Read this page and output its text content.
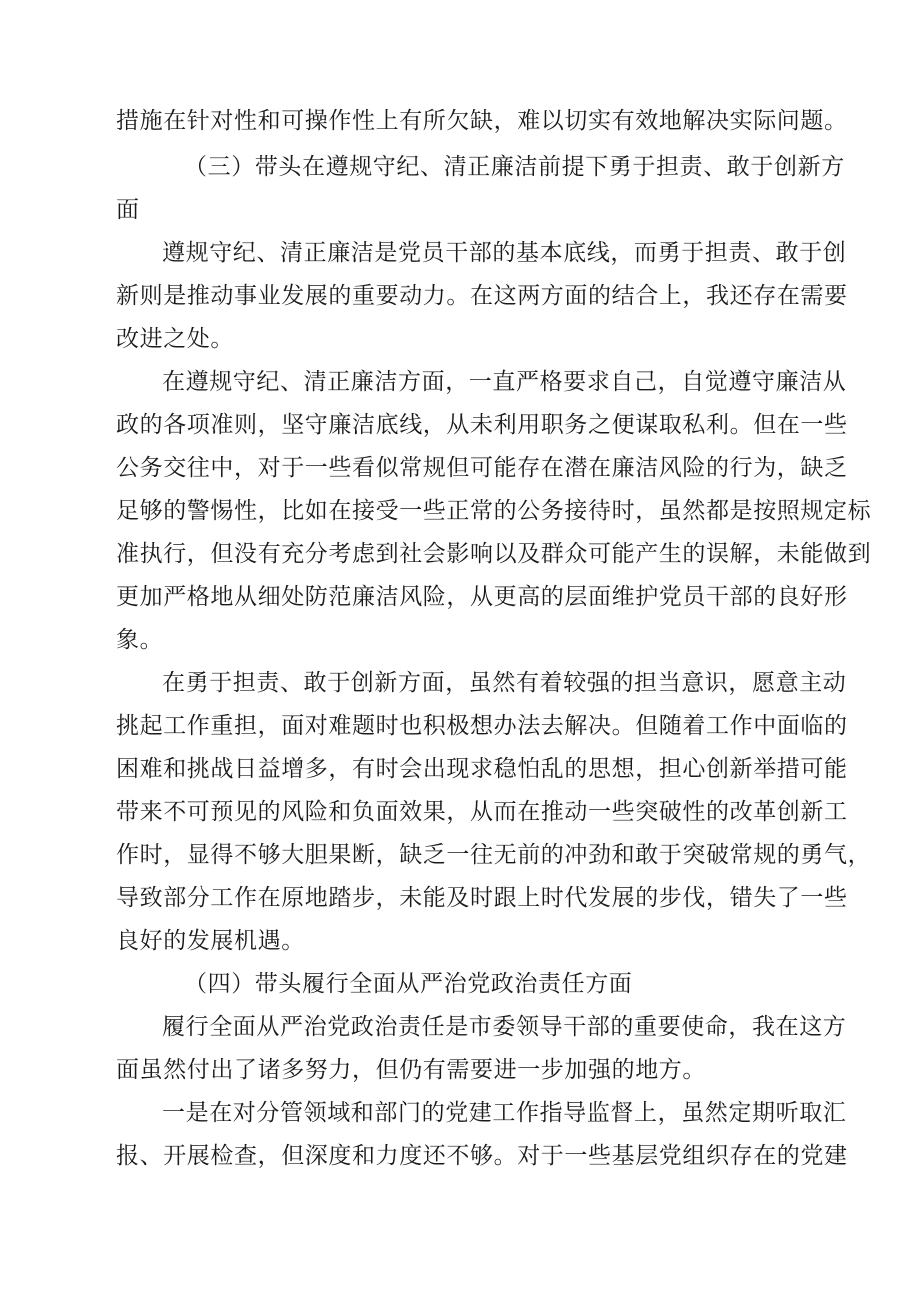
措施在针对性和可操作性上有所欠缺，难以切实有效地解决实际问题。
（三）带头在遵规守纪、清正廉洁前提下勇于担责、敢于创新方
面
遵规守纪、清正廉洁是党员干部的基本底线，而勇于担责、敢于创
新则是推动事业发展的重要动力。在这两方面的结合上，我还存在需要
改进之处。
在遵规守纪、清正廉洁方面，一直严格要求自己，自觉遵守廉洁从
政的各项准则，坚守廉洁底线，从未利用职务之便谋取私利。但在一些
公务交往中，对于一些看似常规但可能存在潜在廉洁风险的行为，缺乏
足够的警惕性，比如在接受一些正常的公务接待时，虽然都是按照规定标
准执行，但没有充分考虑到社会影响以及群众可能产生的误解，未能做到
更加严格地从细处防范廉洁风险，从更高的层面维护党员干部的良好形
象。
在勇于担责、敢于创新方面，虽然有着较强的担当意识，愿意主动
挑起工作重担，面对难题时也积极想办法去解决。但随着工作中面临的
困难和挑战日益增多，有时会出现求稳怕乱的思想，担心创新举措可能
带来不可预见的风险和负面效果，从而在推动一些突破性的改革创新工
作时，显得不够大胆果断，缺乏一往无前的冲劲和敢于突破常规的勇气，
导致部分工作在原地踏步，未能及时跟上时代发展的步伐，错失了一些
良好的发展机遇。
（四）带头履行全面从严治党政治责任方面
履行全面从严治党政治责任是市委领导干部的重要使命，我在这方
面虽然付出了诸多努力，但仍有需要进一步加强的地方。
一是在对分管领域和部门的党建工作指导监督上，虽然定期听取汇
报、开展检查，但深度和力度还不够。对于一些基层党组织存在的党建
